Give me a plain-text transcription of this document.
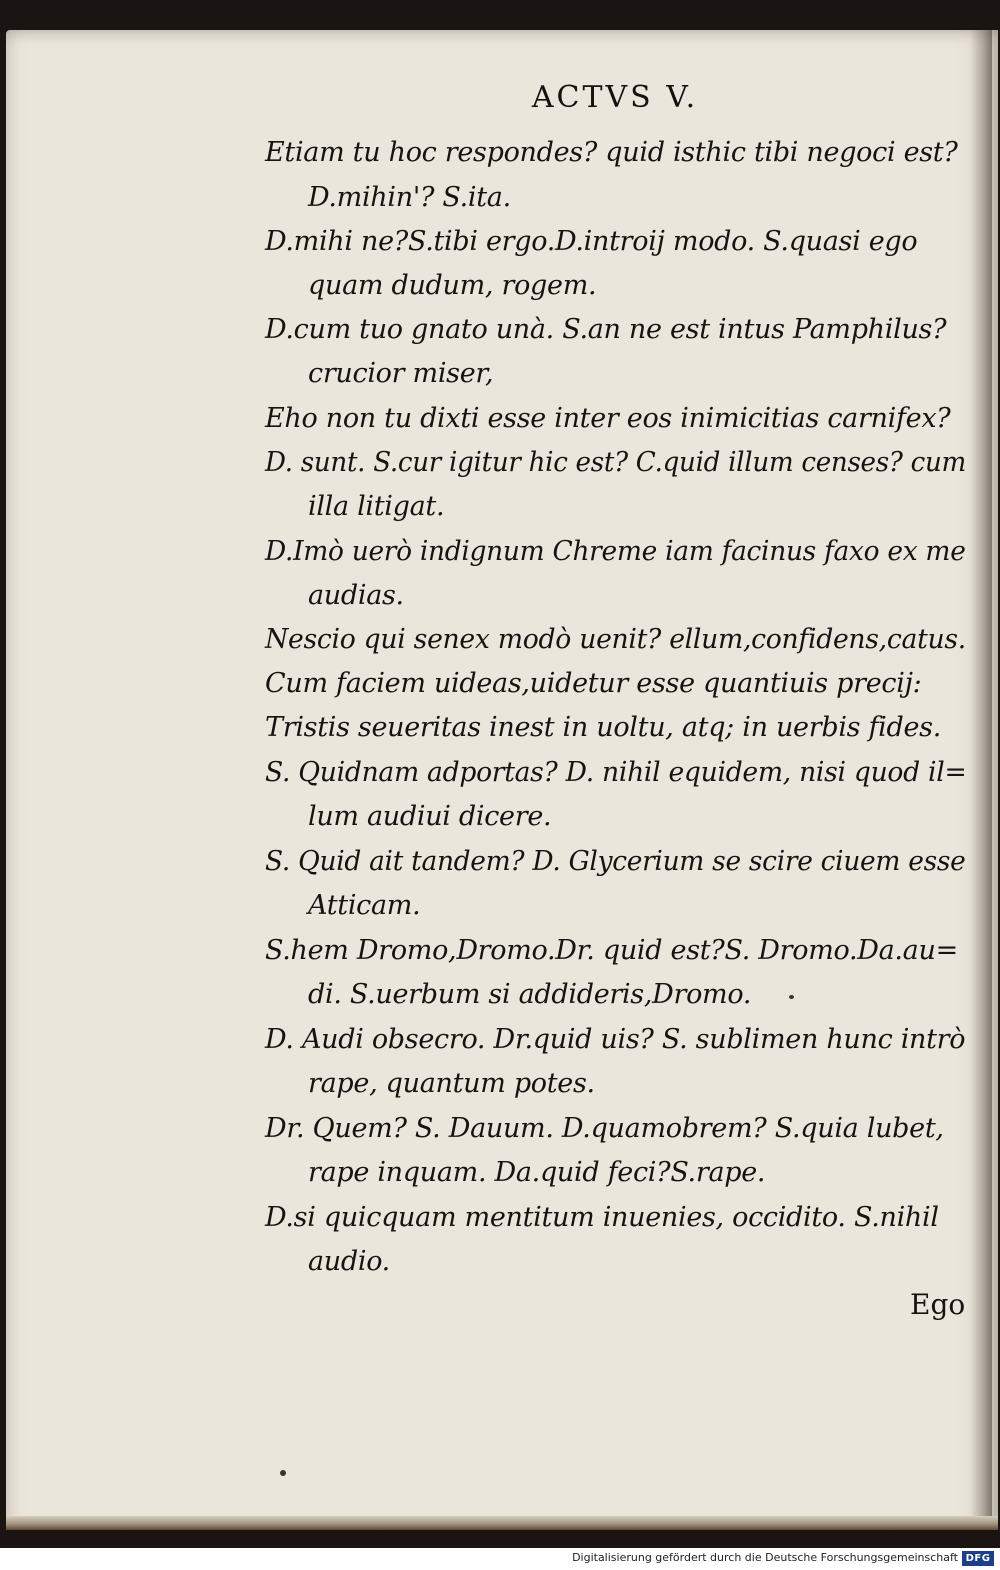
ACTVS V.
Etiam tu hoc respondes? quid isthic tibi negoci est?
D.mihin'? S.ita.
D.mihi ne?S.tibi ergo.D.introij modo. S.quasi ego
quam dudum, rogem.
D.cum tuo gnato unà. S.an ne est intus Pamphilus?
crucior miser,
Eho non tu dixti esse inter eos inimicitias carnifex?
D. sunt. S.cur igitur hic est? C.quid illum censes? cum
illa litigat.
D.Imò uerò indignum Chreme iam facinus faxo ex me
audias.
Nescio qui senex modò uenit? ellum,confidens,catus.
Cum faciem uideas,uidetur esse quantiuis precij:
Tristis seueritas inest in uoltu, atq; in uerbis fides.
S. Quidnam adportas? D. nihil equidem, nisi quod il=
lum audiui dicere.
S. Quid ait tandem? D. Glycerium se scire ciuem esse
Atticam.
S.hem Dromo,Dromo.Dr. quid est?S. Dromo.Da.au=
di. S.uerbum si addideris,Dromo.
D. Audi obsecro. Dr.quid uis? S. sublimen hunc intrò
rape, quantum potes.
Dr. Quem? S. Dauum. D.quamobrem? S.quia lubet,
rape inquam. Da.quid feci?S.rape.
D.si quicquam mentitum inuenies, occidito. S.nihil
audio.
Ego
Digitalisierung gefördert durch die Deutsche Forschungsgemeinschaft DFG
